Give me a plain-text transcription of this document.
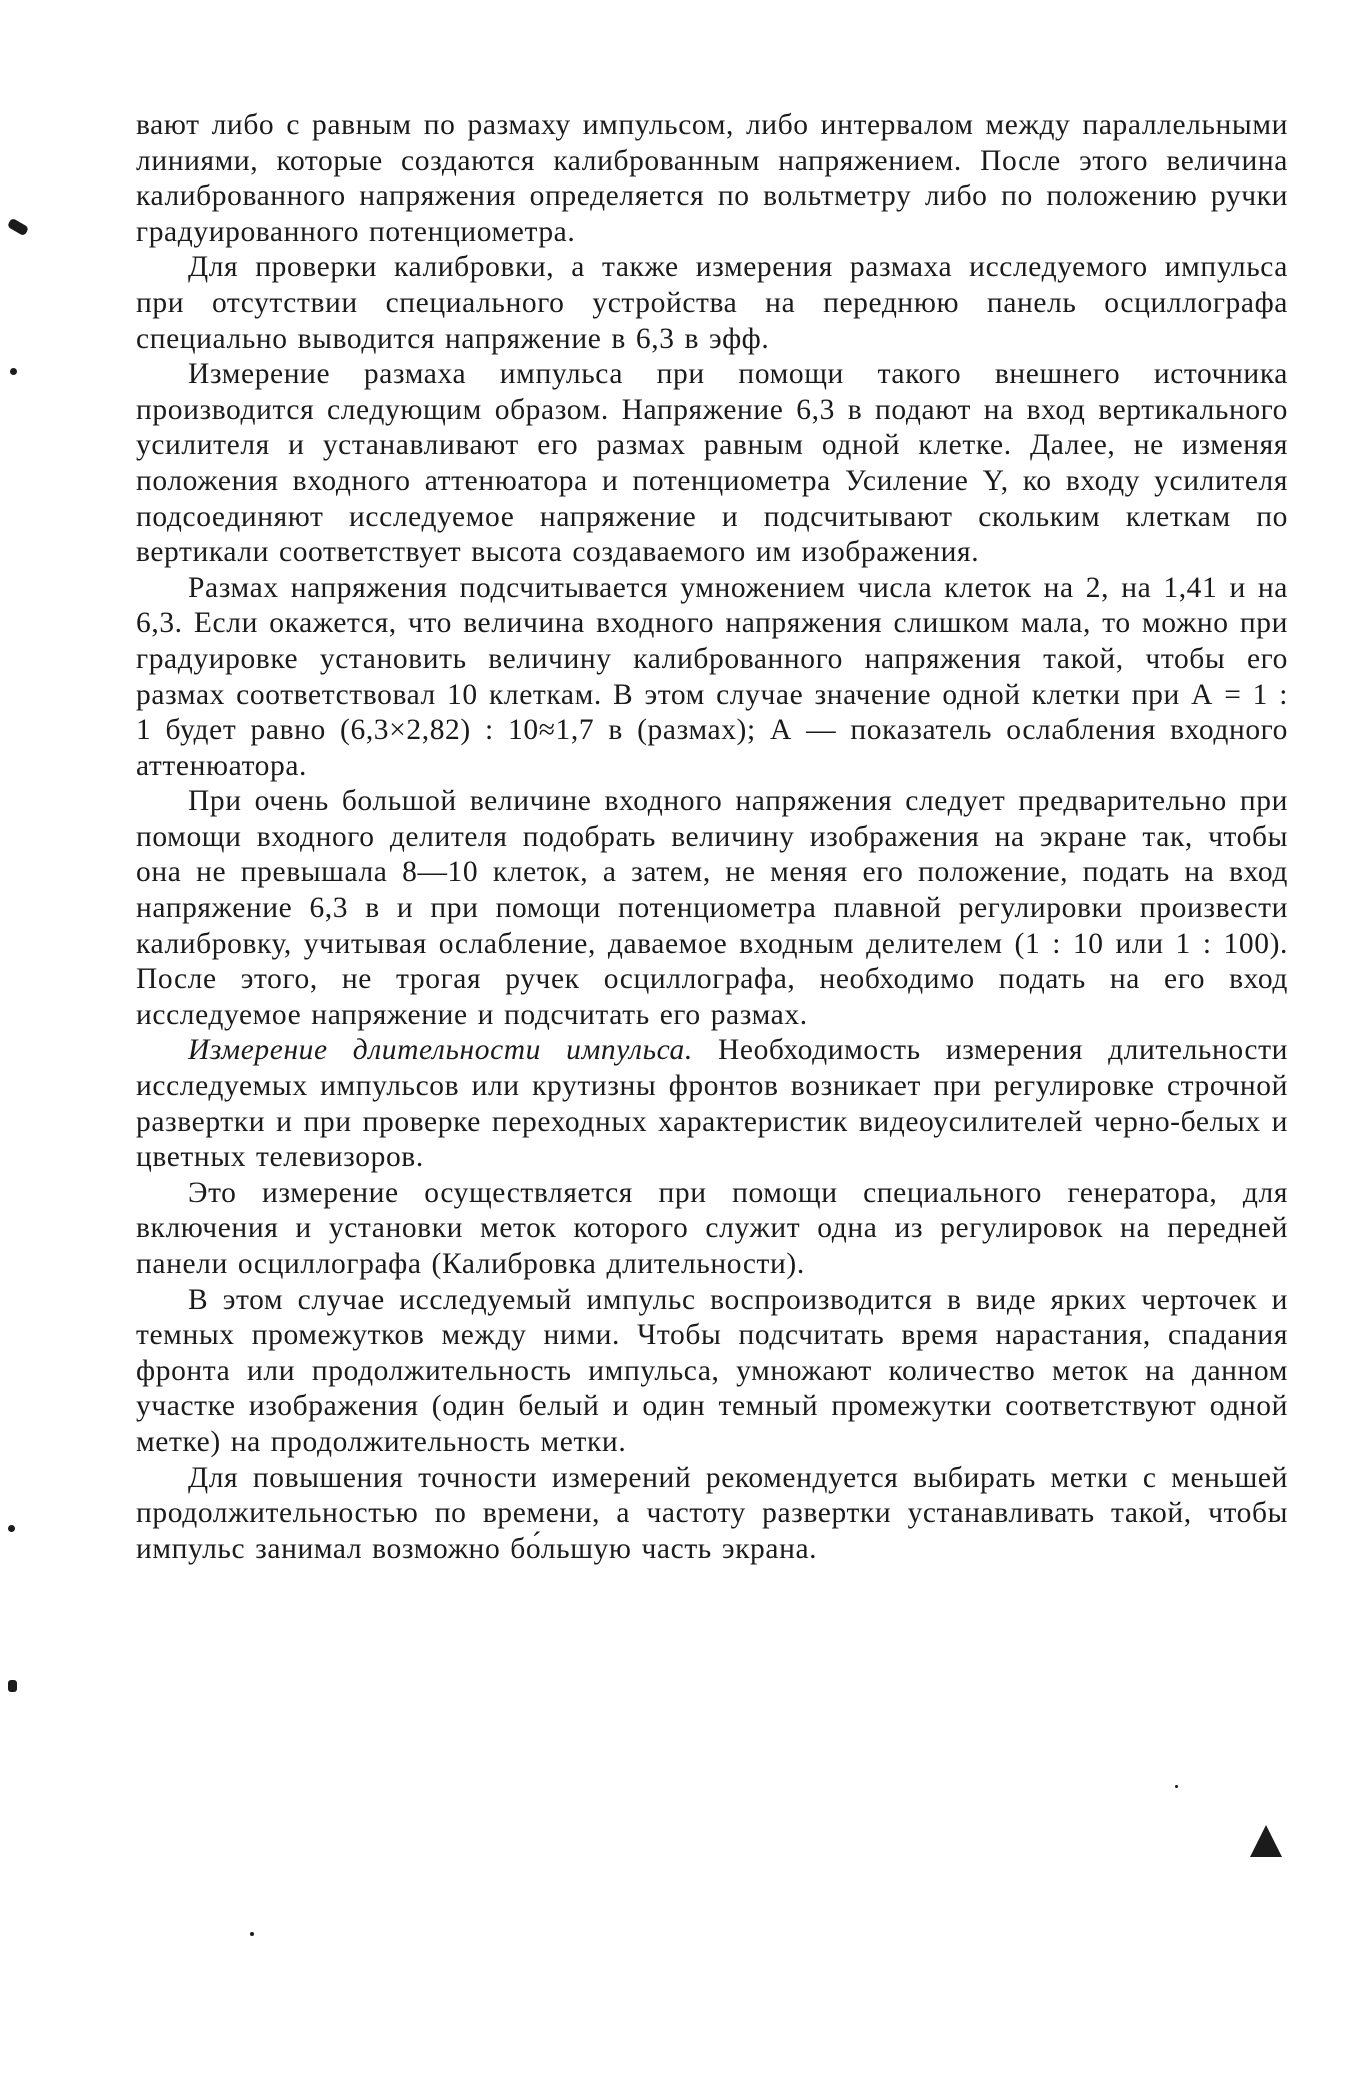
вают либо с равным по размаху импульсом, либо интервалом между параллельными линиями, которые создаются калиброванным напряжением. После этого величина калиброванного напряжения определяется по вольтметру либо по положению ручки градуированного потенциометра.

Для проверки калибровки, а также измерения размаха исследуемого импульса при отсутствии специального устройства на переднюю панель осциллографа специально выводится напряжение в 6,3 в эфф.

Измерение размаха импульса при помощи такого внешнего источника производится следующим образом. Напряжение 6,3 в подают на вход вертикального усилителя и устанавливают его размах равным одной клетке. Далее, не изменяя положения входного аттенюатора и потенциометра Усиление Y, ко входу усилителя подсоединяют исследуемое напряжение и подсчитывают скольким клеткам по вертикали соответствует высота создаваемого им изображения.

Размах напряжения подсчитывается умножением числа клеток на 2, на 1,41 и на 6,3. Если окажется, что величина входного напряжения слишком мала, то можно при градуировке установить величину калиброванного напряжения такой, чтобы его размах соответствовал 10 клеткам. В этом случае значение одной клетки при А = 1 : 1 будет равно (6,3×2,82) : 10≈1,7 в (размах); А — показатель ослабления входного аттенюатора.

При очень большой величине входного напряжения следует предварительно при помощи входного делителя подобрать величину изображения на экране так, чтобы она не превышала 8—10 клеток, а затем, не меняя его положение, подать на вход напряжение 6,3 в и при помощи потенциометра плавной регулировки произвести калибровку, учитывая ослабление, даваемое входным делителем (1 : 10 или 1 : 100). После этого, не трогая ручек осциллографа, необходимо подать на его вход исследуемое напряжение и подсчитать его размах.

Измерение длительности импульса. Необходимость измерения длительности исследуемых импульсов или крутизны фронтов возникает при регулировке строчной развертки и при проверке переходных характеристик видеоусилителей черно-белых и цветных телевизоров.

Это измерение осуществляется при помощи специального генератора, для включения и установки меток которого служит одна из регулировок на передней панели осциллографа (Калибровка длительности).

В этом случае исследуемый импульс воспроизводится в виде ярких черточек и темных промежутков между ними. Чтобы подсчитать время нарастания, спадания фронта или продолжительность импульса, умножают количество меток на данном участке изображения (один белый и один темный промежутки соответствуют одной метке) на продолжительность метки.

Для повышения точности измерений рекомендуется выбирать метки с меньшей продолжительностью по времени, а частоту развертки устанавливать такой, чтобы импульс занимал возможно бо́льшую часть экрана.
